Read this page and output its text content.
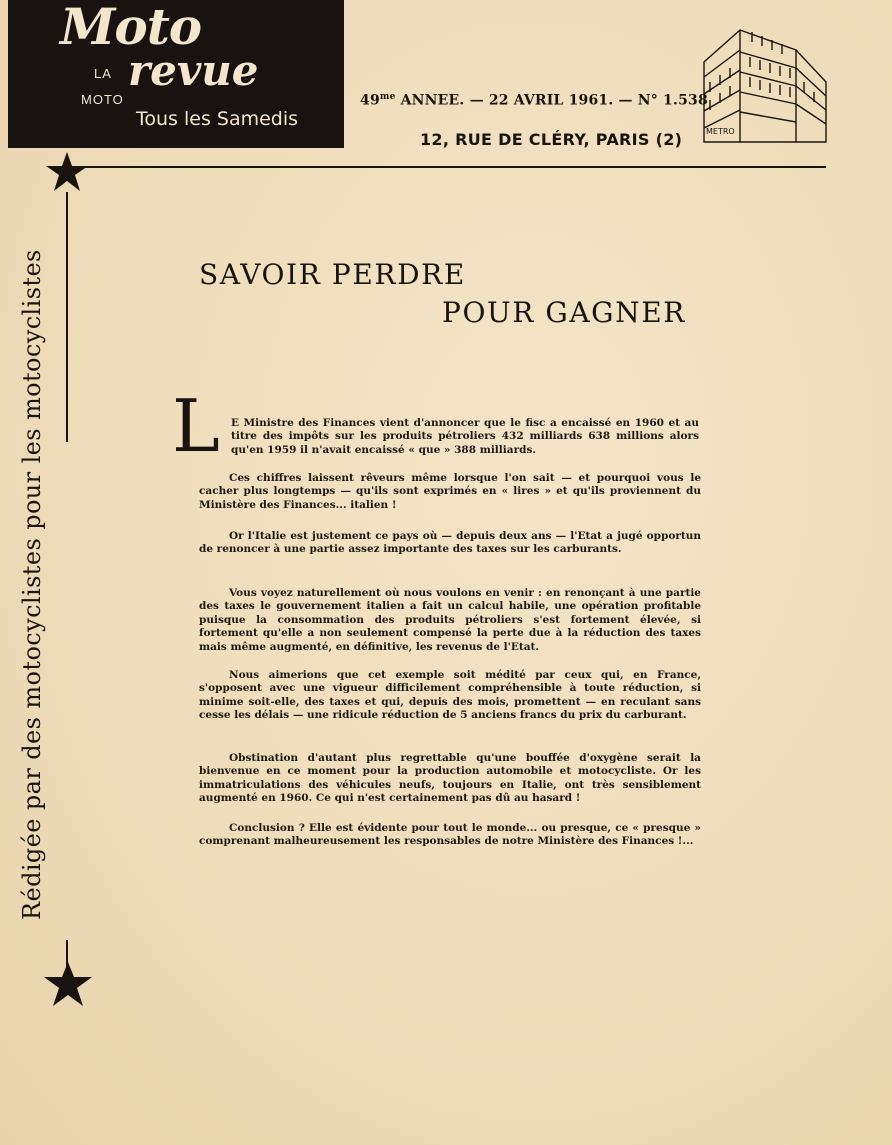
Moto
LA
MOTO
revue
Tous les Samedis
$49^{me}$ ANNEE. — 22 AVRIL 1961. — N° 1.538
12, RUE DE CLÉRY, PARIS (2)	METRO
Rédigée par des motocyclistes pour les motocyclistes	SAVOIR PERDRE
POUR GAGNER
L E Ministre des Finances vient d'annoncer que le fisc a encaissé en 1960 et au titre des impôts sur les produits pétroliers 432 milliards 638 millions alors qu'en 1959 il n'avait encaissé « que » 388 milliards.
Ces chiffres laissent rêveurs même lorsque l'on sait — et pourquoi vous le cacher plus longtemps — qu'ils sont exprimés en « lires » et qu'ils proviennent du Ministère des Finances... italien !
Or l'Italie est justement ce pays où — depuis deux ans — l'Etat a jugé opportun de renoncer à une partie assez importante des taxes sur les carburants.
Vous voyez naturellement où nous voulons en venir : en renonçant à une partie des taxes le gouvernement italien a fait un calcul habile, une opération profitable puisque la consommation des produits pétroliers s'est fortement élevée, si fortement qu'elle a non seulement compensé la perte due à la réduction des taxes mais même augmenté, en définitive, les revenus de l'Etat.
Nous aimerions que cet exemple soit médité par ceux qui, en France, s'opposent avec une vigueur difficilement compréhensible à toute réduction, si minime soit-elle, des taxes et qui, depuis des mois, promettent — en reculant sans cesse les délais — une ridicule réduction de 5 anciens francs du prix du carburant.
Obstination d'autant plus regrettable qu'une bouffée d'oxygène serait la bienvenue en ce moment pour la production automobile et motocycliste. Or les immatriculations des véhicules neufs, toujours en Italie, ont très sensiblement augmenté en 1960. Ce qui n'est certainement pas dû au hasard !
Conclusion ? Elle est évidente pour tout le monde... ou presque, ce « presque » comprenant malheureusement les responsables de notre Ministère des Finances !...
